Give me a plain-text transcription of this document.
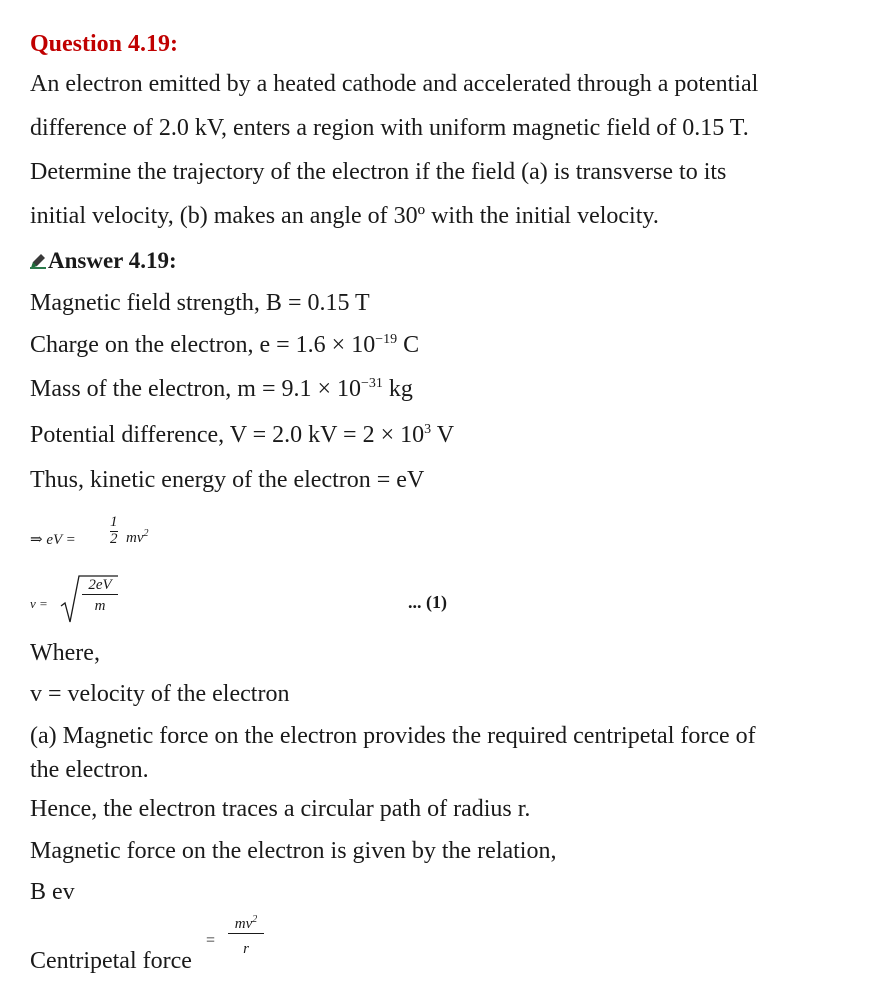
Question 4.19:
An electron emitted by a heated cathode and accelerated through a potential
difference of 2.0 kV, enters a region with uniform magnetic field of 0.15 T.
Determine the trajectory of the electron if the field (a) is transverse to its
initial velocity, (b) makes an angle of 30º with the initial velocity.
Answer 4.19:
Magnetic field strength, B = 0.15 T
Charge on the electron, $e = 1.6 \times 10^{-19}$ C
Mass of the electron, $m = 9.1 \times 10^{-31}$ kg
Potential difference, V = 2.0 kV = $2 \times 10^3$ V
Thus, kinetic energy of the electron = eV
⇒ eV =
1
2 $mv^2$
v =
2eV
m	... (1)
Where,
v = velocity of the electron
(a) Magnetic force on the electron provides the required centripetal force of
the electron.
Hence, the electron traces a circular path of radius r.
Magnetic force on the electron is given by the relation,
B ev
Centripetal force
=
$mv^2$
r
